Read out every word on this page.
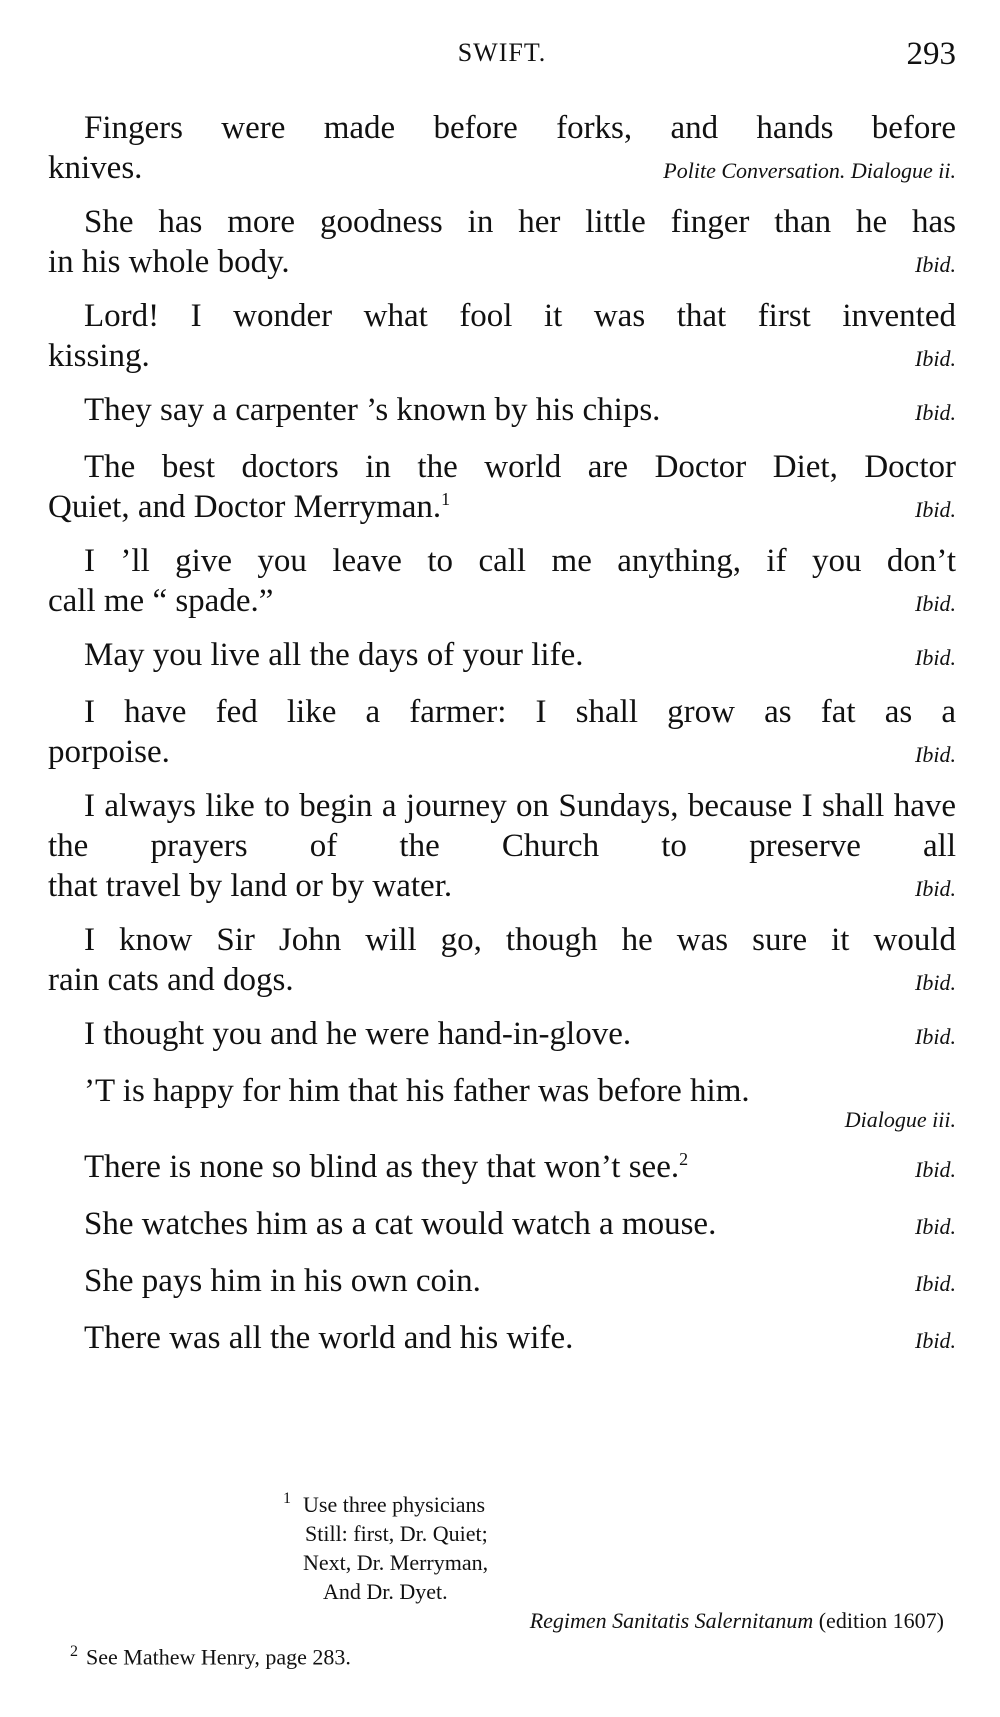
SWIFT.	293
Fingers were made before forks, and hands before
knives.	Polite Conversation. Dialogue ii.
She has more goodness in her little finger than he has
in his whole body.	Ibid.
Lord! I wonder what fool it was that first invented
kissing.	Ibid.
They say a carpenter ’s known by his chips.	Ibid.
The best doctors in the world are Doctor Diet, Doctor
Quiet, and Doctor Merryman.$^1$	Ibid.
I ’ll give you leave to call me anything, if you don’t
call me “ spade.”	Ibid.
May you live all the days of your life.	Ibid.
I have fed like a farmer: I shall grow as fat as a
porpoise.	Ibid.
I always like to begin a journey on Sundays, because I shall have the prayers of the Church to preserve all
that travel by land or by water.	Ibid.
I know Sir John will go, though he was sure it would
rain cats and dogs.	Ibid.
I thought you and he were hand-in-glove.	Ibid.
’T is happy for him that his father was before him.
Dialogue iii.
There is none so blind as they that won’t see.$^2$	Ibid.
She watches him as a cat would watch a mouse.	Ibid.
She pays him in his own coin.	Ibid.
There was all the world and his wife.	Ibid.
1 Use three physicians
Still: first, Dr. Quiet;
Next, Dr. Merryman,
And Dr. Dyet.
Regimen Sanitatis Salernitanum (edition 1607)
$^2$ See Mathew Henry, page 283.
